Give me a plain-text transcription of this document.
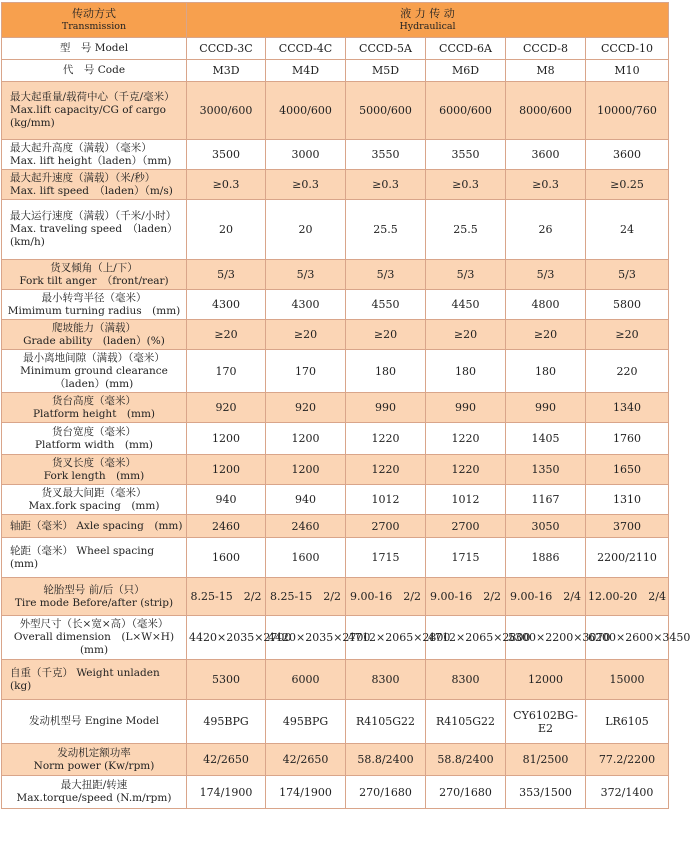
传动方式
Transmission	液 力 传 动
Hydraulical					

型　号 Model	CCCD-3C	CCCD-4C	CCCD-5A	CCCD-6A	CCCD-8	CCCD-10
代　号 Code	M3D	M4D	M5D	M6D	M8	M10

最大起重量/载荷中心（千克/毫米）
Max.lift capacity/CG of cargo (kg/mm)	3000/600	4000/600	5000/600	6000/600	8000/600	10000/760

最大起升高度（满载）（毫米）
Max. lift height（laden）（mm)	3500	3000	3550	3550	3600	3600

最大起升速度（满载）（米/秒）
Max. lift speed　（laden）（m/s)	≥0.3	≥0.3	≥0.3	≥0.3	≥0.3	≥0.25

最大运行速度（满载）（千米/小时）
Max. traveling speed　（laden）(km/h)	20	20	25.5	25.5	26	24

货叉倾角（上/下）
Fork tilt anger　（front/rear)	5/3	5/3	5/3	5/3	5/3	5/3

最小转弯半径（毫米）
Mimimum turning radius　(mm)	4300	4300	4550	4450	4800	5800

爬坡能力（满载）
Grade ability　(laden）(%)	≥20	≥20	≥20	≥20	≥20	≥20

最小离地间隙（满载）（毫米）
Minimum ground clearance（laden）(mm)	170	170	180	180	180	220

货台高度（毫米）
Platform height　(mm)	920	920	990	990	990	1340

货台宽度（毫米）
Platform width　(mm)	1200	1200	1220	1220	1405	1760

货叉长度（毫米）
Fork length　(mm)	1200	1200	1220	1220	1350	1650

货叉最大间距（毫米）
Max.fork spacing　(mm)	940	940	1012	1012	1167	1310
轴距（毫米） Axle spacing　(mm)	2460	2460	2700	2700	3050	3700
轮距（毫米） Wheel spacing (mm)	1600	1600	1715	1715	1886	2200/2110

轮胎型号 前/后（只）
Tire mode Before/after (strip)	8.25-15　2/2	8.25-15　2/2	9.00-16　2/2	9.00-16　2/2	9.00-16　2/4	12.00-20　2/4

外型尺寸（长×宽×高）（毫米）
Overall dimension　(L×W×H)(mm)	4420×2035×2700	4420×2035×2700	4712×2065×2800	4712×2065×2800	5300×2200×3070	6200×2600×3450
自重（千克） Weight unladen (kg)	5300	6000	8300	8300	12000	15000
发动机型号 Engine Model	495BPG	495BPG	R4105G22	R4105G22	CY6102BG-E2	LR6105

发动机定额功率
Norm power (Kw/rpm)	42/2650	42/2650	58.8/2400	58.8/2400	81/2500	77.2/2200

最大扭距/转速
Max.torque/speed (N.m/rpm)	174/1900	174/1900	270/1680	270/1680	353/1500	372/1400
